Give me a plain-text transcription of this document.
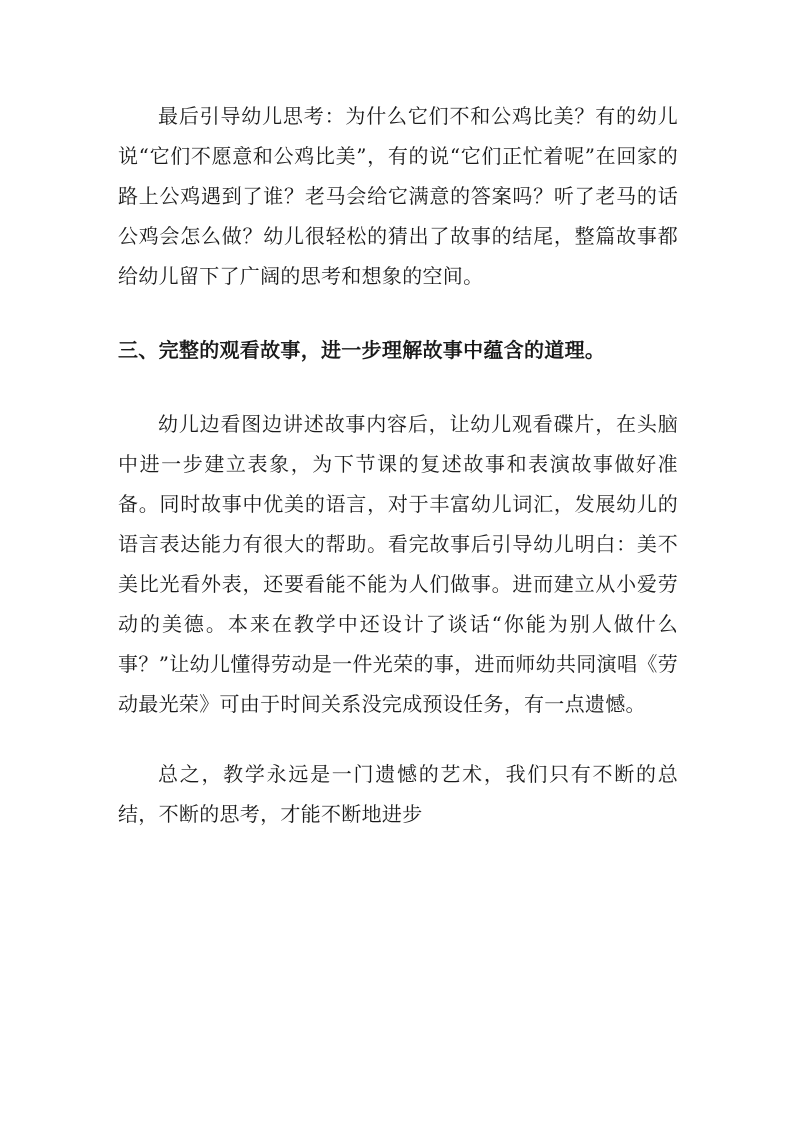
最后引导幼儿思考：为什么它们不和公鸡比美？有的幼儿说“它们不愿意和公鸡比美”，有的说“它们正忙着呢”在回家的路上公鸡遇到了谁？老马会给它满意的答案吗？听了老马的话公鸡会怎么做？幼儿很轻松的猜出了故事的结尾，整篇故事都给幼儿留下了广阔的思考和想象的空间。

三、完整的观看故事，进一步理解故事中蕴含的道理。

幼儿边看图边讲述故事内容后，让幼儿观看碟片，在头脑中进一步建立表象，为下节课的复述故事和表演故事做好准备。同时故事中优美的语言，对于丰富幼儿词汇，发展幼儿的语言表达能力有很大的帮助。看完故事后引导幼儿明白：美不美比光看外表，还要看能不能为人们做事。进而建立从小爱劳动的美德。本来在教学中还设计了谈话“你能为别人做什么事？”让幼儿懂得劳动是一件光荣的事，进而师幼共同演唱《劳动最光荣》可由于时间关系没完成预设任务，有一点遗憾。

总之，教学永远是一门遗憾的艺术，我们只有不断的总结，不断的思考，才能不断地进步
